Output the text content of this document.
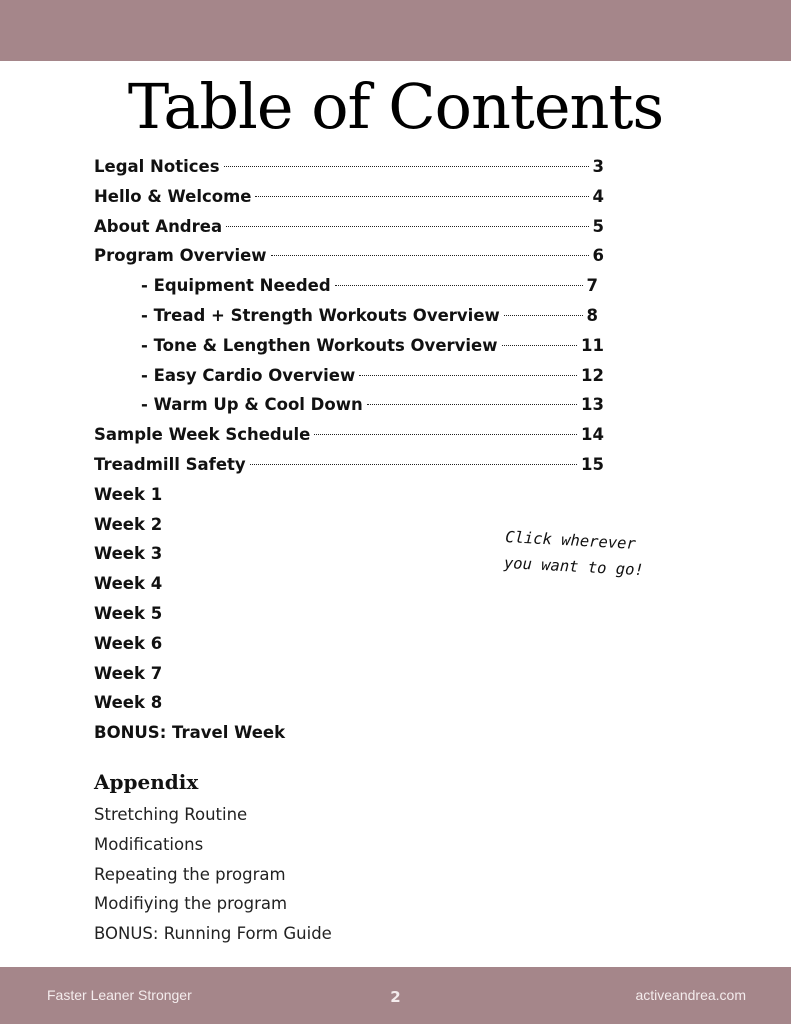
Table of Contents
Legal Notices	3
Hello & Welcome	4
About Andrea	5
Program Overview	6
- Equipment Needed	7
- Tread + Strength Workouts Overview	8
- Tone & Lengthen Workouts Overview	11
- Easy Cardio Overview	12
- Warm Up & Cool Down	13
Sample Week Schedule	14
Treadmill Safety	15
Week 1
Week 2
Week 3
Week 4
Week 5
Week 6
Week 7
Week 8
BONUS: Travel Week
Click wherever
you want to go!
Appendix
Stretching Routine
Modifications
Repeating the program
Modifiying the program
BONUS: Running Form Guide
Faster Leaner Stronger	2	activeandrea.com
